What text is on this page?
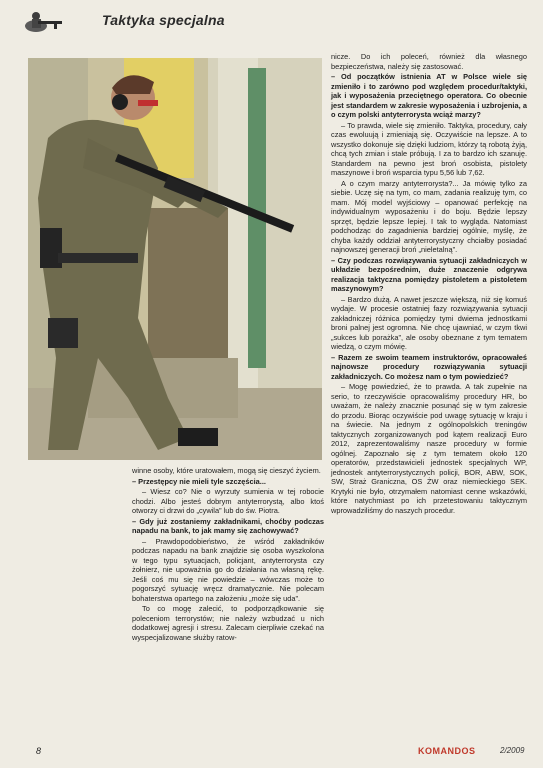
Taktyka specjalna

winne osoby, które uratowałem, mogą się cieszyć życiem.

– Przestępcy nie mieli tyle szczęścia...

– Wiesz co? Nie o wyrzuty sumienia w tej robocie chodzi. Albo jesteś dobrym antyterrorystą, albo ktoś otworzy ci drzwi do „cywila” lub do św. Piotra.

– Gdy już zostaniemy zakładnikami, choćby podczas napadu na bank, to jak mamy się zachowywać?

– Prawdopodobieństwo, że wśród zakładników podczas napadu na bank znajdzie się osoba wyszkolona w tego typu sytuacjach, policjant, antyterrorysta czy żołnierz, nie upoważnia go do działania na własną rękę. Jeśli coś mu się nie powiedzie – wówczas może to pogorszyć sytuację wręcz dramatycznie. Nie polecam bohaterstwa opartego na założeniu „może się uda”.

To co mogę zalecić, to podporządkowanie się poleceniom terrorystów; nie należy wzbudzać u nich dodatkowej agresji i stresu. Zalecam cierpliwie czekać na wyspecjalizowane służby ratow-

nicze. Do ich poleceń, również dla własnego bezpieczeństwa, należy się zastosować.

– Od początków istnienia AT w Polsce wiele się zmieniło i to zarówno pod względem procedur/taktyki, jak i wyposażenia przeciętnego operatora. Co obecnie jest standardem w zakresie wyposażenia i uzbrojenia, a o czym polski antyterrorysta wciąż marzy?

– To prawda, wiele się zmieniło. Taktyka, procedury, cały czas ewoluują i zmieniają się. Oczywiście na lepsze. A to wszystko dokonuje się dzięki ludziom, którzy tą robotą żyją, chcą tych zmian i stale próbują. I za to bardzo ich szanuję. Standardem na pewno jest broń osobista, pistolety maszynowe i broń wsparcia typu 5,56 lub 7,62.

A o czym marzy antyterrorysta?... Ja mówię tylko za siebie. Uczę się na tym, co mam, zadania realizuję tym, co mam. Mój model wyjściowy – opanować perfekcję na indywidualnym wyposażeniu i do boju. Będzie lepszy sprzęt, będzie lepsze lepiej. I tak to wygląda. Natomiast podchodząc do zagadnienia bardziej ogólnie, myślę, że chyba każdy oddział antyterrorystyczny chciałby posiadać najnowszej generacji broń „nieletalną”.

– Czy podczas rozwiązywania sytuacji zakładniczych w układzie bezpośrednim, duże znaczenie odgrywa realizacja taktyczna pomiędzy pistoletem a pistoletem maszynowym?

– Bardzo dużą. A nawet jeszcze większą, niż się komuś wydaje. W procesie ostatniej fazy rozwiązywania sytuacji zakładniczej różnica pomiędzy tymi dwiema jednostkami broni palnej jest ogromna. Nie chcę ujawniać, w czym tkwi „sukces lub porażka”, ale osoby obeznane z tym tematem wiedzą, o czym mówię.

– Razem ze swoim teamem instruktorów, opracowałeś najnowsze procedury rozwiązywania sytuacji zakładniczych. Co możesz nam o tym powiedzieć?

– Mogę powiedzieć, że to prawda. A tak zupełnie na serio, to rzeczywiście opracowaliśmy procedury HR, bo uważam, że należy znacznie posunąć się w tym zakresie do przodu. Biorąc oczywiście pod uwagę sytuację w kraju i na świecie. Na jednym z ogólnopolskich treningów taktycznych zorganizowanych pod kątem realizacji Euro 2012, zaprezentowaliśmy nasze procedury w formie ogólnej. Zapoznało się z tym tematem około 120 operatorów, przedstawicieli jednostek specjalnych WP, jednostek antyterrorystycznych policji, BOR, ABW, SOK, SW, Straż Graniczna, OS ŻW oraz niemieckiego SEK. Krytyki nie było, otrzymałem natomiast cenne wskazówki, które natychmiast po ich przetestowaniu taktycznym wprowadziliśmy do naszych procedur.

8	KOMANDOS	2/2009
